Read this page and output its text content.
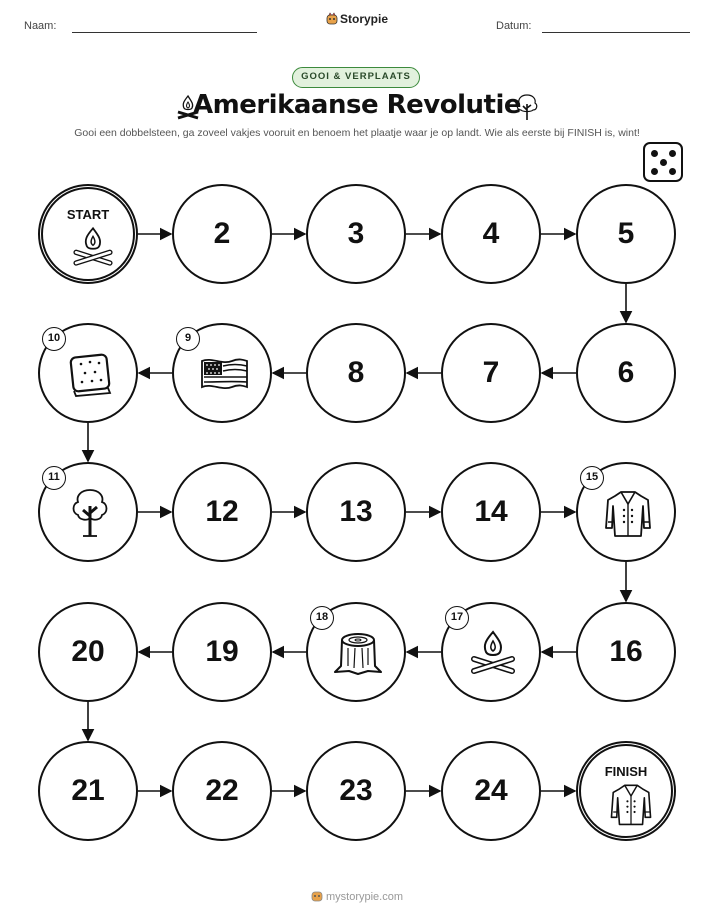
Naam:	Storypie	Datum:
GOOI & VERPLAATS
Amerikaanse Revolutie
Gooi een dobbelsteen, ga zoveel vakjes vooruit en benoem het plaatje waar je op landt. Wie als eerste bij FINISH is, wint!
START
2	3	4	5
6
7
8
9
10
11
12	13	14
15
16
17
18
19
20
21	22	23	24
FINISH
mystorypie.com
